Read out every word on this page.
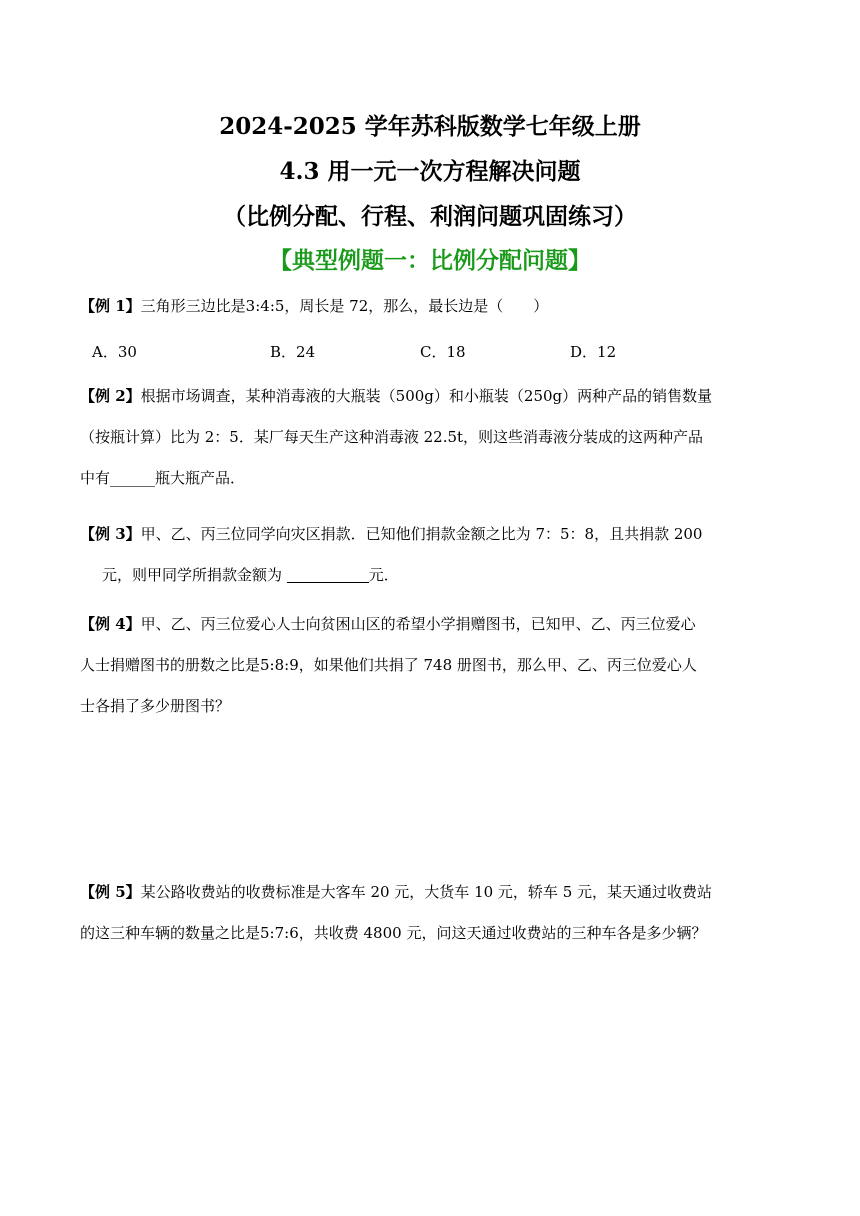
2024-2025 学年苏科版数学七年级上册
4.3 用一元一次方程解决问题
（比例分配、行程、利润问题巩固练习）
【典型例题一：比例分配问题】
【例 1】三角形三边比是3:4:5，周长是 72，那么，最长边是（　　）
A．30	B．24	C．18	D．12
【例 2】根据市场调查，某种消毒液的大瓶装（500g）和小瓶装（250g）两种产品的销售数量
（按瓶计算）比为 2：5．某厂每天生产这种消毒液 22.5t，则这些消毒液分装成的这两种产品
中有______瓶大瓶产品．
【例 3】甲、乙、丙三位同学向灾区捐款．已知他们捐款金额之比为 7：5：8，且共捐款 200
元，则甲同学所捐款金额为	元．
【例 4】甲、乙、丙三位爱心人士向贫困山区的希望小学捐赠图书，已知甲、乙、丙三位爱心
人士捐赠图书的册数之比是5:8:9，如果他们共捐了 748 册图书，那么甲、乙、丙三位爱心人
士各捐了多少册图书？
【例 5】某公路收费站的收费标准是大客车 20 元，大货车 10 元，轿车 5 元，某天通过收费站
的这三种车辆的数量之比是5:7:6，共收费 4800 元，问这天通过收费站的三种车各是多少辆？
